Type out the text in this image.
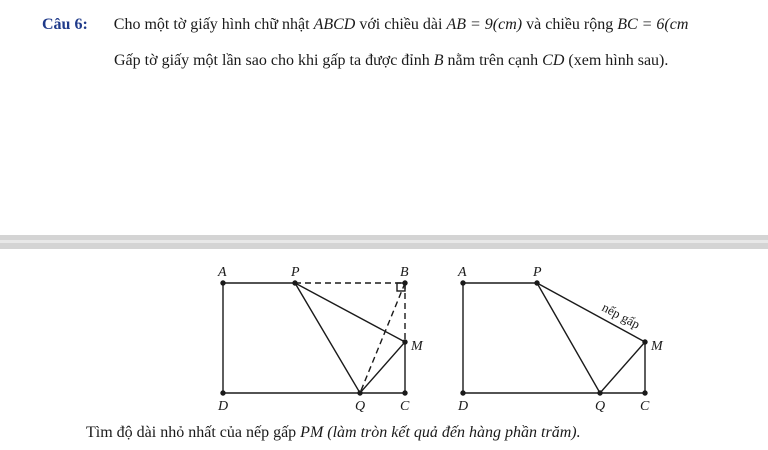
Câu 6: Cho một tờ giấy hình chữ nhật ABCD với chiều dài AB = 9(cm) và chiều rộng BC = 6(cm
Gấp tờ giấy một lần sao cho khi gấp ta được đỉnh B nằm trên cạnh CD (xem hình sau).
A	P	B
M
D	Q C
A	P
M
D	Q C
nếp gấp
Tìm độ dài nhỏ nhất của nếp gấp PM (làm tròn kết quả đến hàng phần trăm).
